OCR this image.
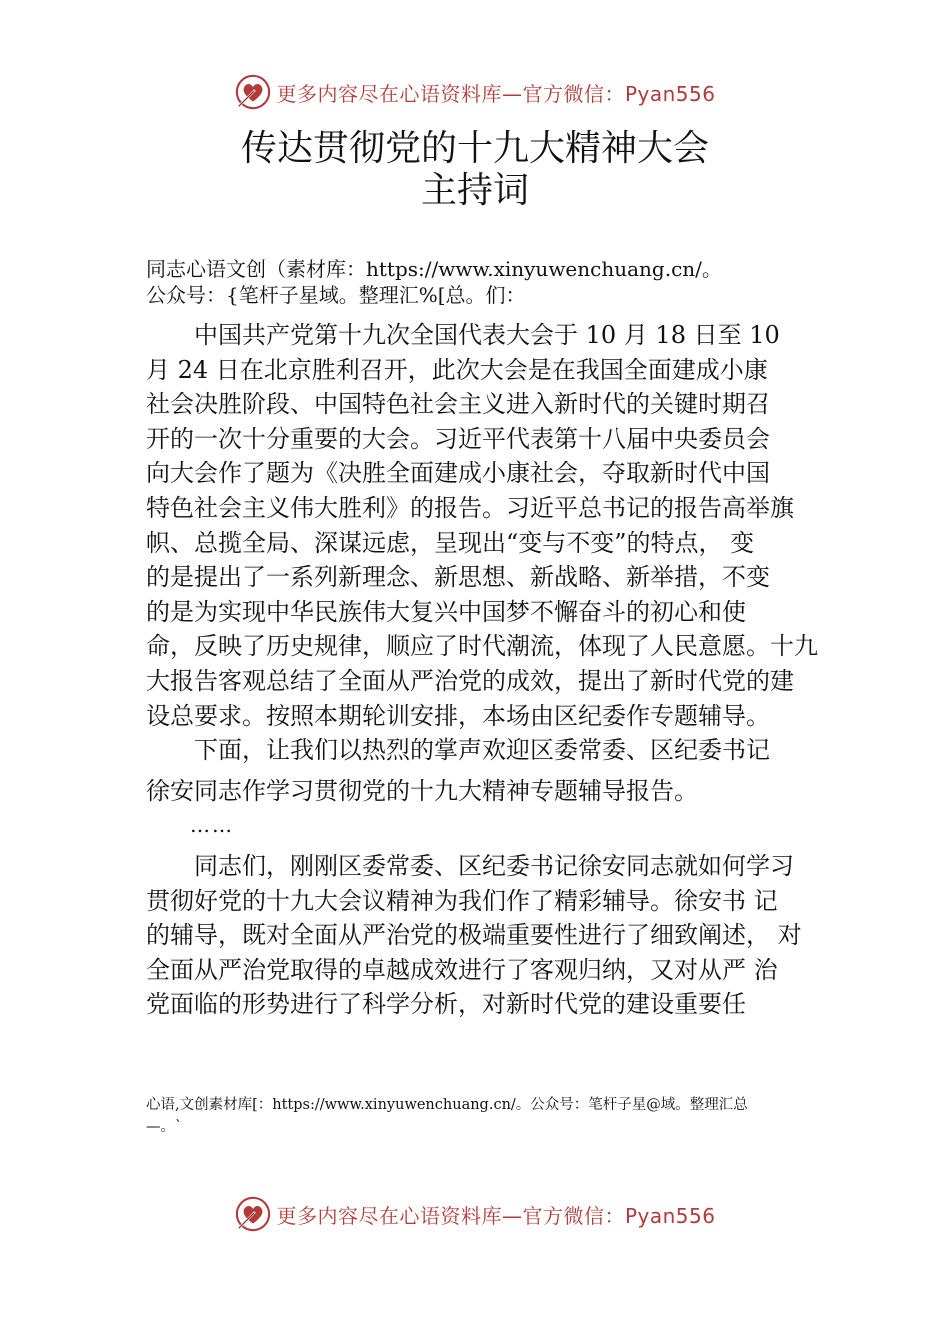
更多内容尽在心语资料库—官方微信：Pyan556
传达贯彻党的十九大精神大会
主持词
同志心语文创（素材库：https://www.xinyuwenchuang.cn/。
公众号：{笔杆子星域。整理汇%[总。们：

　　中国共产党第十九次全国代表大会于 10 月 18 日至 10

月 24 日在北京胜利召开，此次大会是在我国全面建成小康

社会决胜阶段、中国特色社会主义进入新时代的关键时期召

开的一次十分重要的大会。习近平代表第十八届中央委员会

向大会作了题为《决胜全面建成小康社会，夺取新时代中国

特色社会主义伟大胜利》的报告。习近平总书记的报告高举旗

帜、总揽全局、深谋远虑，呈现出“变与不变”的特点， 变

的是提出了一系列新理念、新思想、新战略、新举措，不变

的是为实现中华民族伟大复兴中国梦不懈奋斗的初心和使

命，反映了历史规律，顺应了时代潮流，体现了人民意愿。十九

大报告客观总结了全面从严治党的成效，提出了新时代党的建

设总要求。按照本期轮训安排，本场由区纪委作专题辅导。

　　下面，让我们以热烈的掌声欢迎区委常委、区纪委书记

徐安同志作学习贯彻党的十九大精神专题辅导报告。

　　……

　　同志们，刚刚区委常委、区纪委书记徐安同志就如何学习

贯彻好党的十九大会议精神为我们作了精彩辅导。徐安书 记

的辅导，既对全面从严治党的极端重要性进行了细致阐述， 对

全面从严治党取得的卓越成效进行了客观归纳，又对从严 治

党面临的形势进行了科学分析，对新时代党的建设重要任

心语,文创素材库[：https://www.xinyuwenchuang.cn/。公众号：笔杆子星@域。整理汇总
—。`
更多内容尽在心语资料库—官方微信：Pyan556
